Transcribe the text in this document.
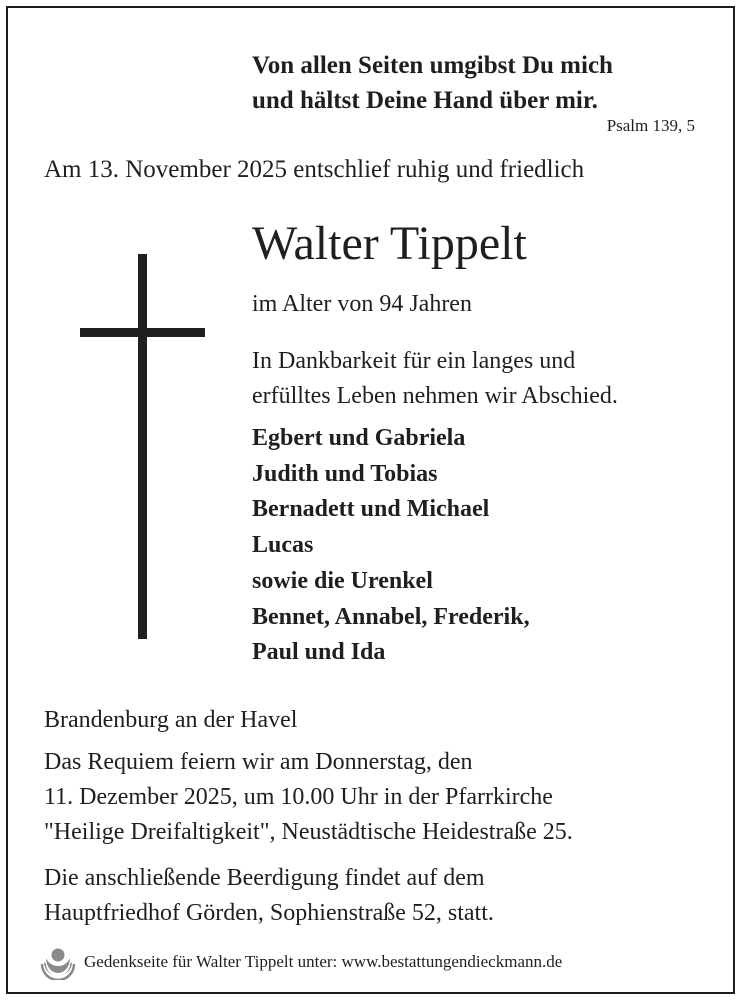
Von allen Seiten umgibst Du mich
und hältst Deine Hand über mir.
Psalm 139, 5
Am 13. November 2025 entschlief ruhig und friedlich
Walter Tippelt
im Alter von 94 Jahren
In Dankbarkeit für ein langes und
erfülltes Leben nehmen wir Abschied.
Egbert und Gabriela
Judith und Tobias
Bernadett und Michael
Lucas
sowie die Urenkel
Bennet, Annabel, Frederik,
Paul und Ida
Brandenburg an der Havel
Das Requiem feiern wir am Donnerstag, den
11. Dezember 2025, um 10.00 Uhr in der Pfarrkirche
"Heilige Dreifaltigkeit", Neustädtische Heidestraße 25.
Die anschließende Beerdigung findet auf dem
Hauptfriedhof Görden, Sophienstraße 52, statt.
Gedenkseite für Walter Tippelt unter: www.bestattungendieckmann.de
